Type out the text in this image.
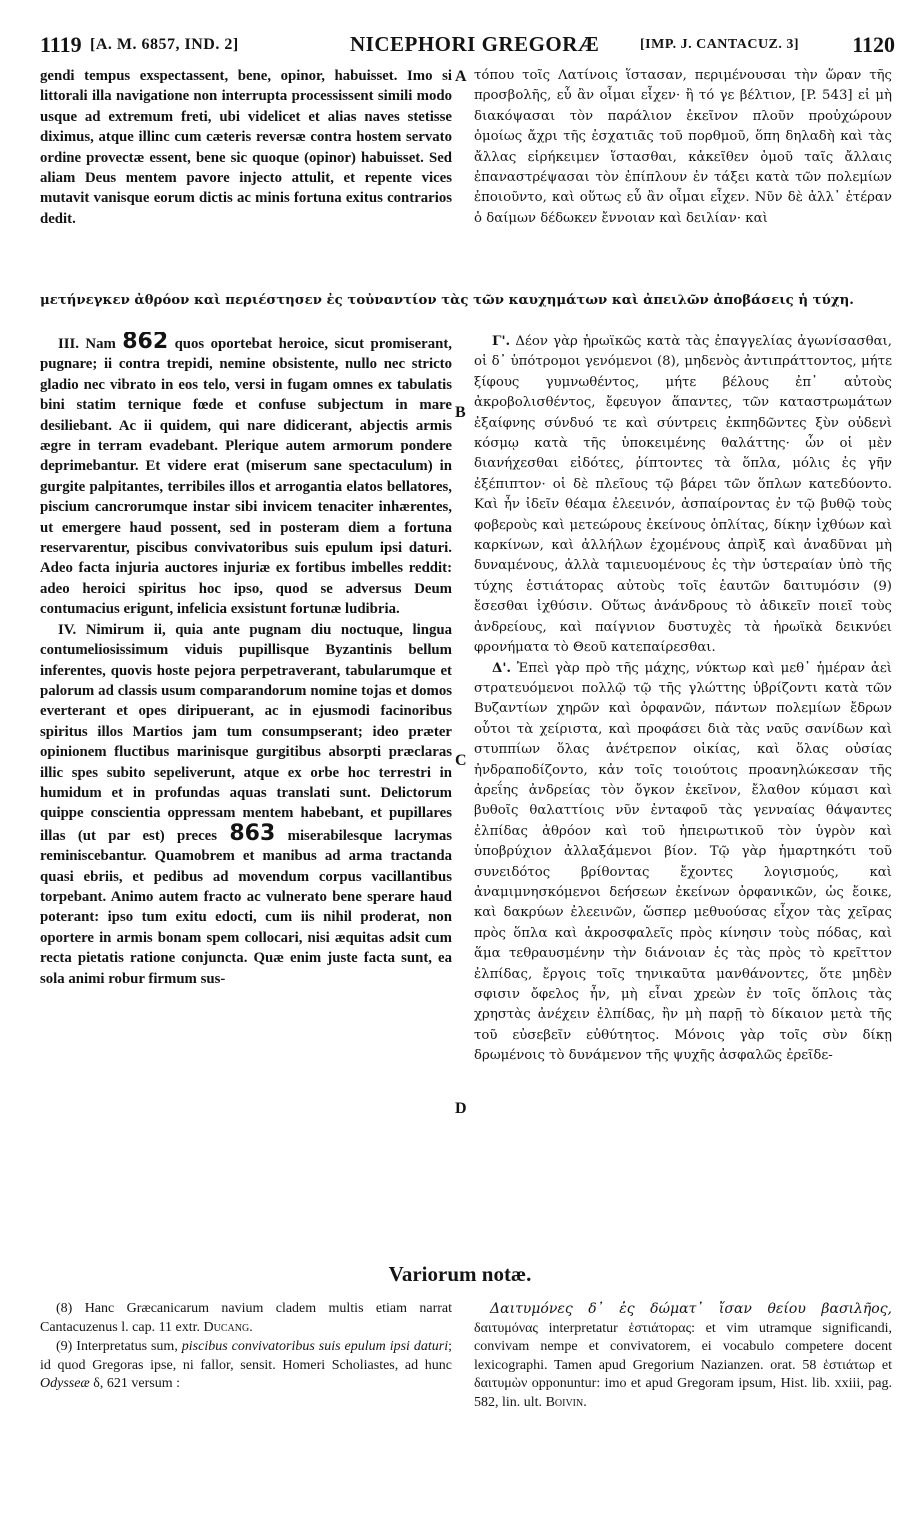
1119 [A. M. 6857, IND. 2]	NICEPHORI GREGORÆ	[IMP. J. CANTACUZ. 3] 1120
A
B
C
D

gendi tempus exspectassent, bene, opinor, habuisset. Imo si littorali illa navigatione non interrupta processissent simili modo usque ad extremum freti, ubi videlicet et alias naves stetisse diximus, atque illinc cum cæteris reversæ contra hostem servato ordine provectæ essent, bene sic quoque (opinor) habuisset. Sed aliam Deus mentem pavore injecto attulit, et repente vices mutavit vanisque eorum dictis ac minis fortuna exitus contrarios dedit.

τόπου τοῖς Λατίνοις ἵστασαν, περιμένουσαι τὴν ὥραν τῆς προσβολῆς, εὖ ἂν οἶμαι εἶχεν· ἢ τό γε βέλτιον, [P. 543] εἰ μὴ διακόψασαι τὸν παράλιον ἐκεῖνον πλοῦν προὐχώρουν ὁμοίως ἄχρι τῆς ἐσχατιᾶς τοῦ πορθμοῦ, ὅπη δηλαδὴ καὶ τὰς ἄλλας εἰρήκειμεν ἵστασθαι, κἀκεῖθεν ὁμοῦ ταῖς ἄλλαις ἐπαναστρέψασαι τὸν ἐπίπλουν ἐν τάξει κατὰ τῶν πολεμίων ἐποιοῦντο, καὶ οὕτως εὖ ἂν οἶμαι εἶχεν. Νῦν δὲ ἀλλ᾽ ἑτέραν ὁ δαίμων δέδωκεν ἔννοιαν καὶ δειλίαν· καὶ

μετήνεγκεν ἀθρόον καὶ περιέστησεν ἐς τοὐναντίον τὰς τῶν καυχημάτων καὶ ἀπειλῶν ἀποβάσεις ἡ τύχη.

III. Nam 862 quos oportebat heroice, sicut promiserant, pugnare; ii contra trepidi, nemine obsistente, nullo nec stricto gladio nec vibrato in eos telo, versi in fugam omnes ex tabulatis bini statim ternique fœde et confuse subjectum in mare desiliebant. Ac ii quidem, qui nare didicerant, abjectis armis ægre in terram evadebant. Plerique autem armorum pondere deprimebantur. Et videre erat (miserum sane spectaculum) in gurgite palpitantes, terribiles illos et arrogantia elatos bellatores, piscium cancrorumque instar sibi invicem tenaciter inhærentes, ut emergere haud possent, sed in posteram diem a fortuna reservarentur, piscibus convivatoribus suis epulum ipsi daturi. Adeo facta injuria auctores injuriæ ex fortibus imbelles reddit: adeo heroici spiritus hoc ipso, quod se adversus Deum contumacius erigunt, infelicia exsistunt fortunæ ludibria.

IV. Nimirum ii, quia ante pugnam diu noctuque, lingua contumeliosissimum viduis pupillisque Byzantinis bellum inferentes, quovis hoste pejora perpetraverant, tabularumque et palorum ad classis usum comparandorum nomine tojas et domos everterant et opes diripuerant, ac in ejusmodi facinoribus spiritus illos Martios jam tum consumpserant; ideo præter opinionem fluctibus marinisque gurgitibus absorpti præclaras illic spes subito sepeliverunt, atque ex orbe hoc terrestri in humidum et in profundas aquas translati sunt. Delictorum quippe conscientia oppressam mentem habebant, et pupillares illas (ut par est) preces 863 miserabilesque lacrymas reminiscebantur. Quamobrem et manibus ad arma tractanda quasi ebriis, et pedibus ad movendum corpus vacillantibus torpebant. Animo autem fracto ac vulnerato bene sperare haud poterant: ipso tum exitu edocti, cum iis nihil proderat, non oportere in armis bonam spem collocari, nisi æquitas adsit cum recta pietatis ratione conjuncta. Quæ enim juste facta sunt, ea sola animi robur firmum sus-

Γ'. Δέον γὰρ ἡρωϊκῶς κατὰ τὰς ἐπαγγελίας ἀγωνίσασθαι, οἱ δ᾽ ὑπότρομοι γενόμενοι (8), μηδενὸς ἀντιπράττοντος, μήτε ξίφους γυμνωθέντος, μήτε βέλους ἐπ᾽ αὐτοὺς ἀκροβολισθέντος, ἔφευγον ἅπαντες, τῶν καταστρωμάτων ἐξαίφνης σύνδυό τε καὶ σύντρεις ἐκπηδῶντες ξὺν οὐδενὶ κόσμῳ κατὰ τῆς ὑποκειμένης θαλάττης· ὧν οἱ μὲν διανήχεσθαι εἰδότες, ῥίπτοντες τὰ ὅπλα, μόλις ἐς γῆν ἐξέπιπτον· οἱ δὲ πλεῖους τῷ βάρει τῶν ὅπλων κατεδύοντο. Καὶ ἦν ἰδεῖν θέαμα ἐλεεινόν, ἀσπαίροντας ἐν τῷ βυθῷ τοὺς φοβεροὺς καὶ μετεώρους ἐκείνους ὁπλίτας, δίκην ἰχθύων καὶ καρκίνων, καὶ ἀλλήλων ἐχομένους ἀπρὶξ καὶ ἀναδῦναι μὴ δυναμένους, ἀλλὰ ταμιευομένους ἐς τὴν ὑστεραίαν ὑπὸ τῆς τύχης ἑστιάτορας αὐτοὺς τοῖς ἑαυτῶν δαιτυμόσιν (9) ἔσεσθαι ἰχθύσιν. Οὕτως ἀνάνδρους τὸ ἀδικεῖν ποιεῖ τοὺς ἀνδρείους, καὶ παίγνιον δυστυχὲς τὰ ἡρωϊκὰ δεικνύει φρονήματα τὸ Θεοῦ κατεπαίρεσθαι.

Δ'. Ἐπεὶ γὰρ πρὸ τῆς μάχης, νύκτωρ καὶ μεθ᾽ ἡμέραν ἀεὶ στρατευόμενοι πολλῷ τῷ τῆς γλώττης ὑβρίζοντι κατὰ τῶν Βυζαντίων χηρῶν καὶ ὀρφανῶν, πάντων πολεμίων ἔδρων οὗτοι τὰ χείριστα, καὶ προφάσει διὰ τὰς ναῦς σανίδων καὶ στυππίων ὅλας ἀνέτρεπον οἰκίας, καὶ ὅλας οὐσίας ἠνδραποδίζοντο, κἀν τοῖς τοιούτοις προανηλώκεσαν τῆς ἀρεΐης ἀνδρείας τὸν ὄγκον ἐκεῖνον, ἔλαθον κύμασι καὶ βυθοῖς θαλαττίοις νῦν ἐνταφοῦ τὰς γενναίας θάψαντες ἐλπίδας ἀθρόον καὶ τοῦ ἠπειρωτικοῦ τὸν ὑγρὸν καὶ ὑποβρύχιον ἀλλαξάμενοι βίον. Τῷ γὰρ ἡμαρτηκότι τοῦ συνειδότος βρίθοντας ἔχοντες λογισμούς, καὶ ἀναμιμνησκόμενοι δεήσεων ἐκείνων ὀρφανικῶν, ὡς ἔοικε, καὶ δακρύων ἐλεεινῶν, ὥσπερ μεθυούσας εἶχον τὰς χεῖρας πρὸς ὅπλα καὶ ἀκροσφαλεῖς πρὸς κίνησιν τοὺς πόδας, καὶ ἅμα τεθραυσμένην τὴν διάνοιαν ἐς τὰς πρὸς τὸ κρεῖττον ἐλπίδας, ἔργοις τοῖς τηνικαῦτα μανθάνοντες, ὅτε μηδὲν σφισιν ὄφελος ἦν, μὴ εἶναι χρεὼν ἐν τοῖς ὅπλοις τὰς χρηστὰς ἀνέχειν ἐλπίδας, ἢν μὴ παρῇ τὸ δίκαιον μετὰ τῆς τοῦ εὐσεβεῖν εὐθύτητος. Μόνοις γὰρ τοῖς σὺν δίκῃ δρωμένοις τὸ δυνάμενον τῆς ψυχῆς ἀσφαλῶς ἐρεῖδε-

Variorum notæ.

(8) Hanc Græcanicarum navium cladem multis etiam narrat Cantacuzenus l. cap. 11 extr. Ducang.

(9) Interpretatus sum, piscibus convivatoribus suis epulum ipsi daturi; id quod Gregoras ipse, ni fallor, sensit. Homeri Scholiastes, ad hunc Odysseæ δ, 621 versum :

Δαιτυμόνες δ᾽ ἐς δώματ᾽ ἴσαν θείου βασιλῆος, δαιτυμόνας interpretatur ἑστιάτορας: et vim utramque significandi, convivam nempe et convivatorem, ei vocabulo competere docent lexicographi. Tamen apud Gregorium Nazianzen. orat. 58 ἑστιάτωρ et δαιτυμὼν opponuntur: imo et apud Gregoram ipsum, Hist. lib. xxiii, pag. 582, lin. ult. Boivin.
